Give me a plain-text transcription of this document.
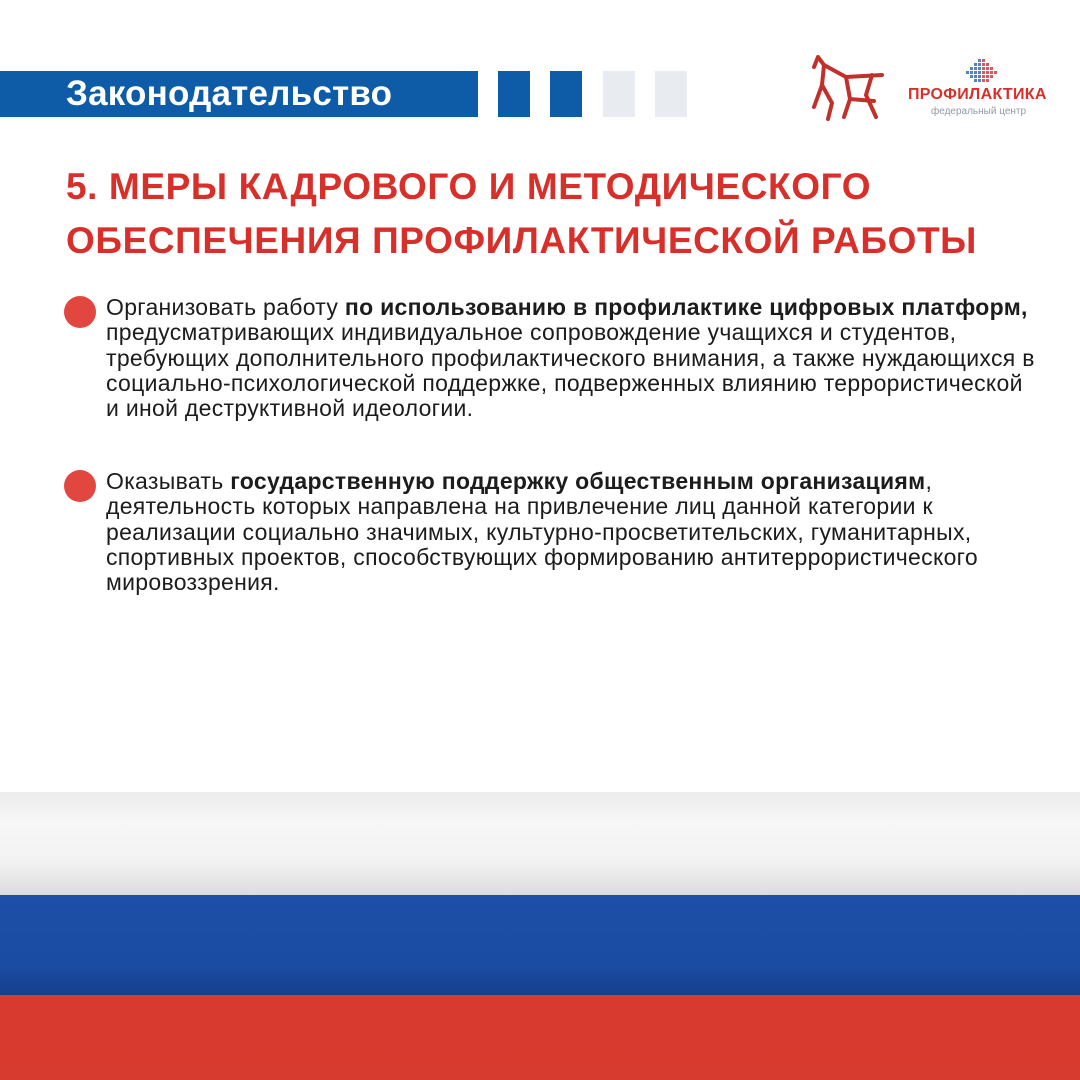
Законодательство	ПРОФИЛАКТИКА
федеральный центр
5. МЕРЫ КАДРОВОГО И МЕТОДИЧЕСКОГО
ОБЕСПЕЧЕНИЯ ПРОФИЛАКТИЧЕСКОЙ РАБОТЫ
Организовать работу по использованию в профилактике цифровых платформ, предусматривающих индивидуальное сопровождение учащихся и студентов, требующих дополнительного профилактического внимания, а также нуждающихся в социально-психологической поддержке, подверженных влиянию террористической и иной деструктивной идеологии.
Оказывать государственную поддержку общественным организациям, деятельность которых направлена на привлечение лиц данной категории к реализации социально значимых, культурно-просветительских, гуманитарных, спортивных проектов, способствующих формированию антитеррористического мировоззрения.
